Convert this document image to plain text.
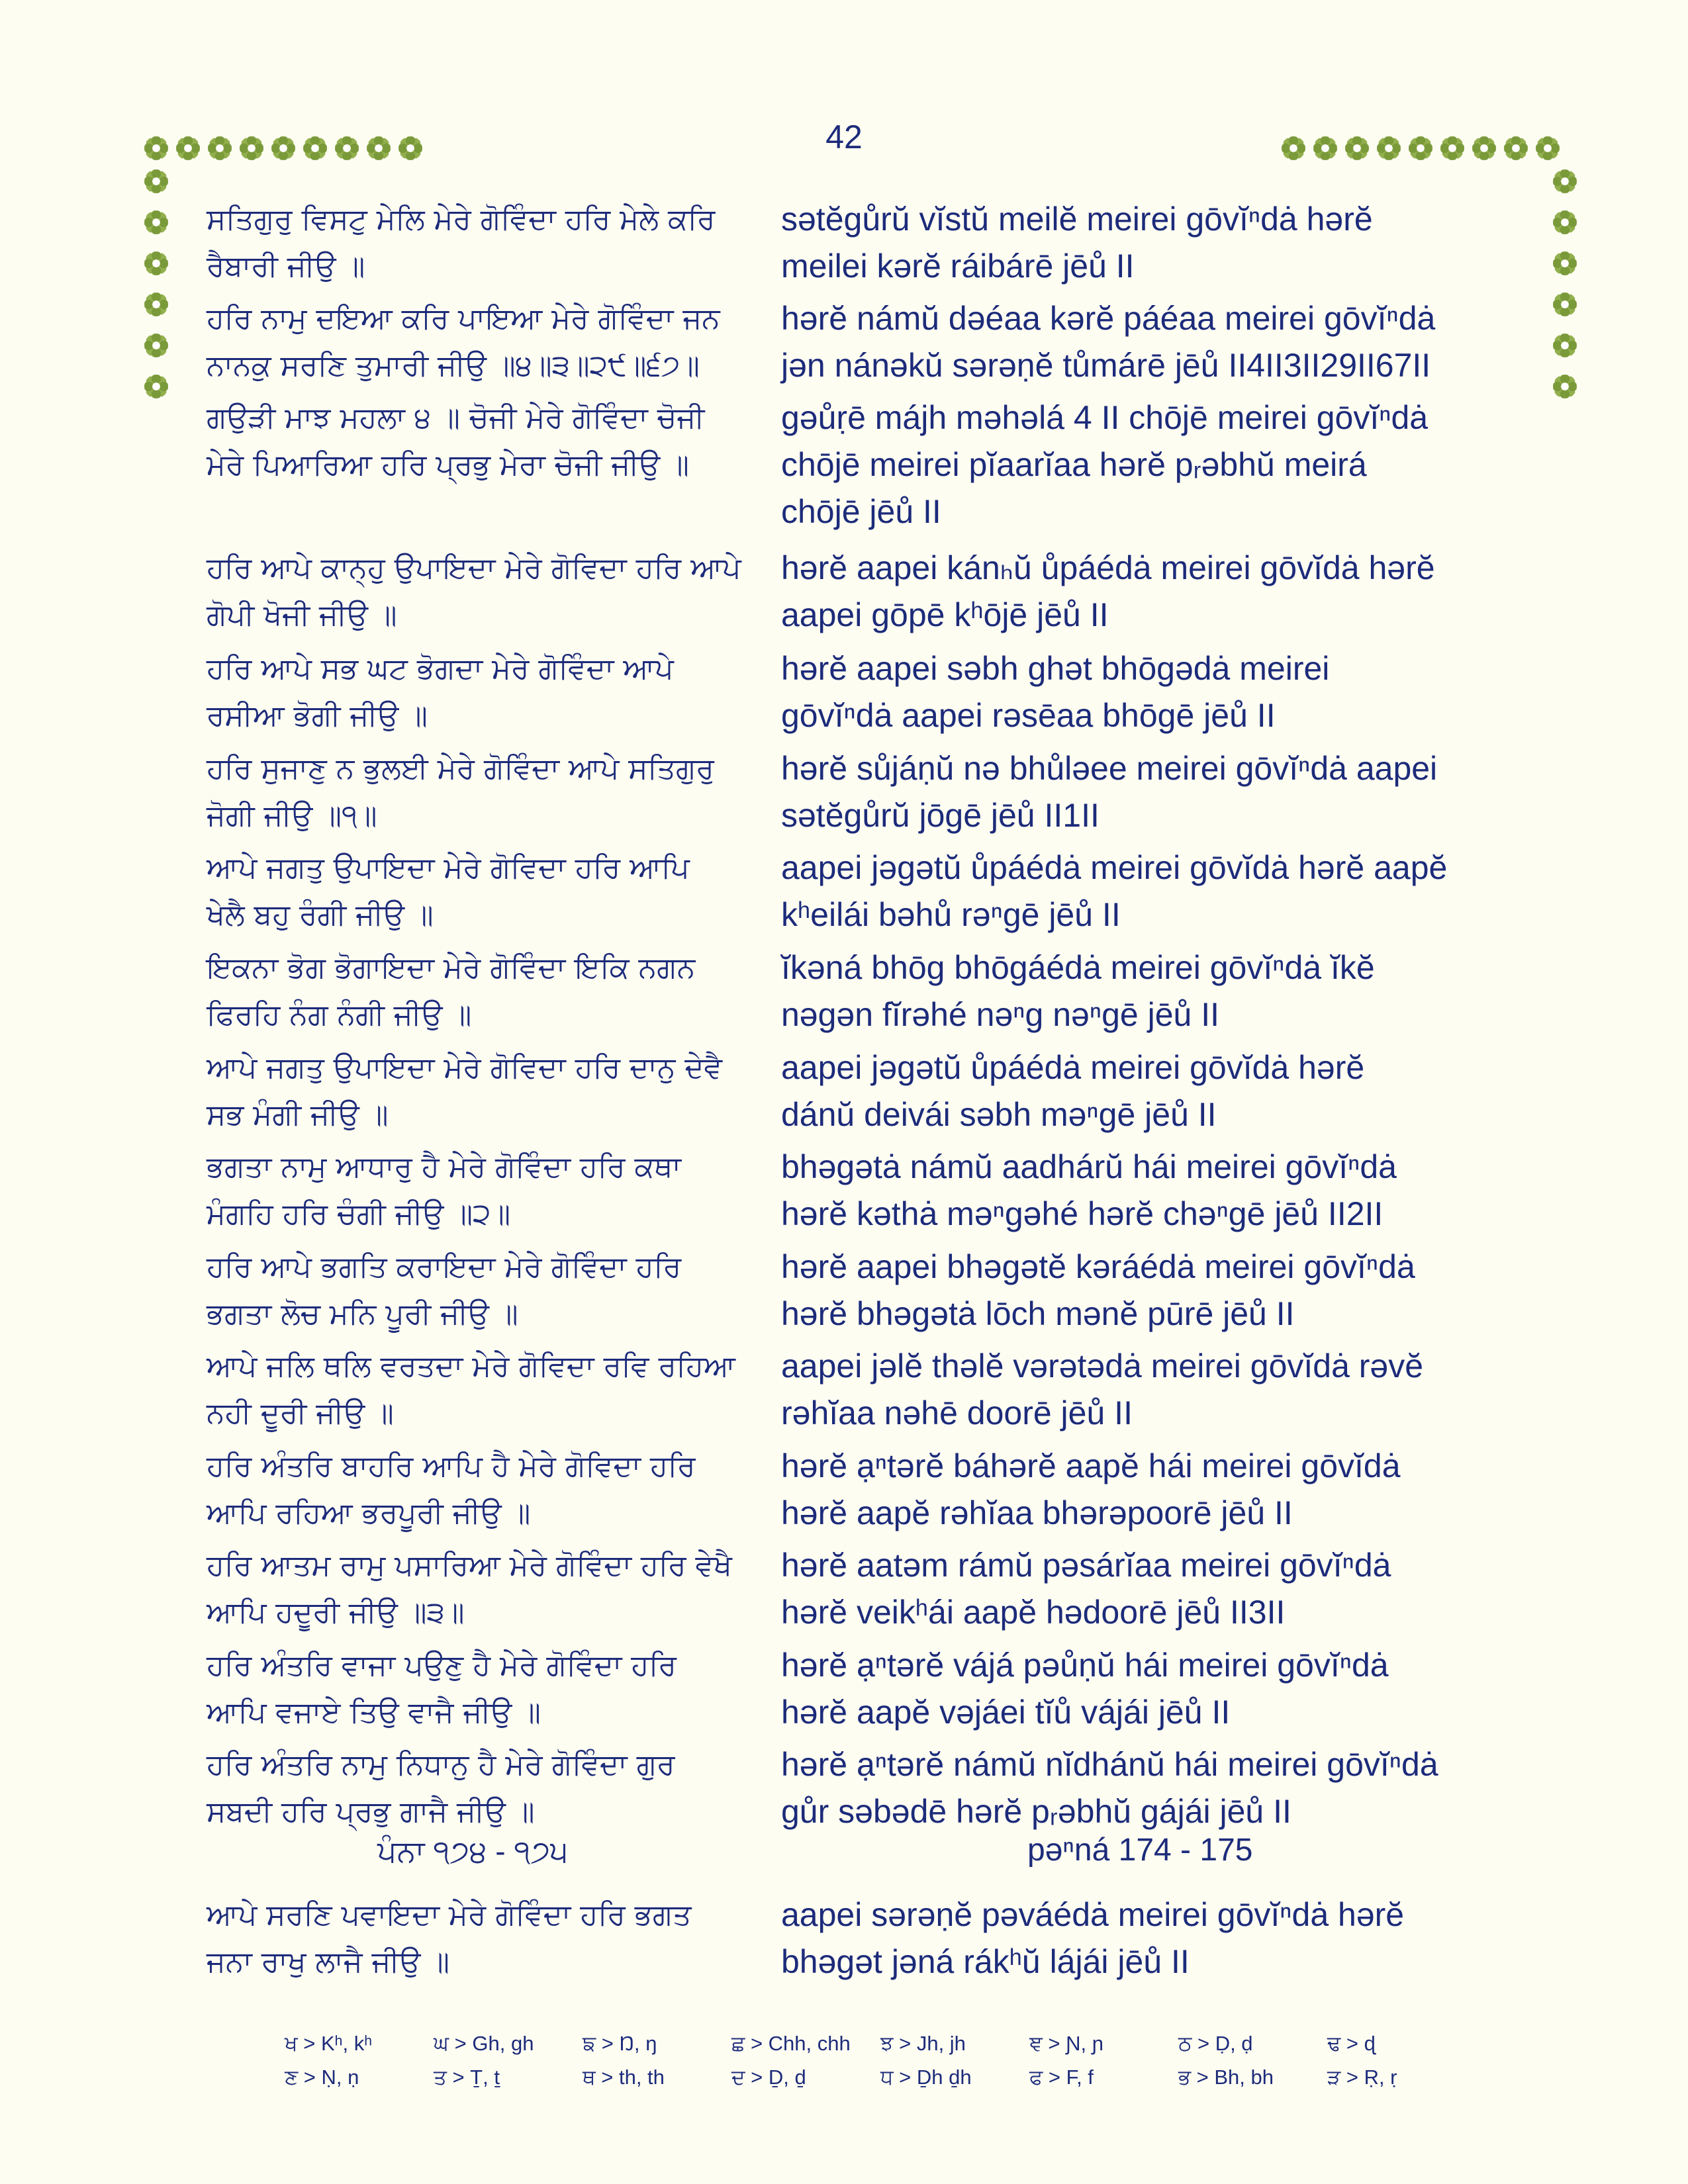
42
ਸਤਿਗੁਰੁ ਵਿਸਟੁ ਮੇਲਿ ਮੇਰੇ ਗੋਵਿੰਦਾ ਹਰਿ ਮੇਲੇ ਕਰਿ
ਰੈਬਾਰੀ ਜੀਉ ॥
sətĕgůrŭ vĭstŭ meilĕ meirei gōvĭⁿdȧ hərĕ
meilei kərĕ ráibárē jēů II
ਹਰਿ ਨਾਮੁ ਦਇਆ ਕਰਿ ਪਾਇਆ ਮੇਰੇ ਗੋਵਿੰਦਾ ਜਨ
ਨਾਨਕੁ ਸਰਣਿ ਤੁਮਾਰੀ ਜੀਉ ॥੪॥੩॥੨੯॥੬੭॥
hərĕ námŭ dəéaa kərĕ páéaa meirei gōvĭⁿdȧ
jən nánəkŭ sərəṇĕ tůmárē jēů II4II3II29II67II
ਗਉੜੀ ਮਾਝ ਮਹਲਾ ੪ ॥ ਚੋਜੀ ਮੇਰੇ ਗੋਵਿੰਦਾ ਚੋਜੀ
ਮੇਰੇ ਪਿਆਰਿਆ ਹਰਿ ਪ੍ਰਭੁ ਮੇਰਾ ਚੋਜੀ ਜੀਉ ॥
gəůṛē májh məhəlá 4 II chōjē meirei gōvĭⁿdȧ
chōjē meirei pĭaarĭaa hərĕ pᵣəbhŭ meirá
chōjē jēů II
ਹਰਿ ਆਪੇ ਕਾਨ੍ਹੁ ਉਪਾਇਦਾ ਮੇਰੇ ਗੋਵਿਦਾ ਹਰਿ ਆਪੇ
ਗੋਪੀ ਖੋਜੀ ਜੀਉ ॥
hərĕ aapei kánₕŭ ůpáédȧ meirei gōvĭdȧ hərĕ
aapei gōpē kʰōjē jēů II
ਹਰਿ ਆਪੇ ਸਭ ਘਟ ਭੋਗਦਾ ਮੇਰੇ ਗੋਵਿੰਦਾ ਆਪੇ
ਰਸੀਆ ਭੋਗੀ ਜੀਉ ॥
hərĕ aapei səbh ghət bhōgədȧ meirei
gōvĭⁿdȧ aapei rəsēaa bhōgē jēů II
ਹਰਿ ਸੁਜਾਣੁ ਨ ਭੁਲਈ ਮੇਰੇ ਗੋਵਿੰਦਾ ਆਪੇ ਸਤਿਗੁਰੁ
ਜੋਗੀ ਜੀਉ ॥੧॥
hərĕ sůjáṇŭ nə bhůləee meirei gōvĭⁿdȧ aapei
sətĕgůrŭ jōgē jēů II1II
ਆਪੇ ਜਗਤੁ ਉਪਾਇਦਾ ਮੇਰੇ ਗੋਵਿਦਾ ਹਰਿ ਆਪਿ
ਖੇਲੈ ਬਹੁ ਰੰਗੀ ਜੀਉ ॥
aapei jəgətŭ ůpáédȧ meirei gōvĭdȧ hərĕ aapĕ
kʰeilái bəhů rəⁿgē jēů II
ਇਕਨਾ ਭੋਗ ਭੋਗਾਇਦਾ ਮੇਰੇ ਗੋਵਿੰਦਾ ਇਕਿ ਨਗਨ
ਫਿਰਹਿ ਨੰਗ ਨੰਗੀ ਜੀਉ ॥
ĭkəná bhōg bhōgáédȧ meirei gōvĭⁿdȧ ĭkĕ
nəgən fĭrəhé nəⁿg nəⁿgē jēů II
ਆਪੇ ਜਗਤੁ ਉਪਾਇਦਾ ਮੇਰੇ ਗੋਵਿਦਾ ਹਰਿ ਦਾਨੁ ਦੇਵੈ
ਸਭ ਮੰਗੀ ਜੀਉ ॥
aapei jəgətŭ ůpáédȧ meirei gōvĭdȧ hərĕ
dánŭ deivái səbh məⁿgē jēů II
ਭਗਤਾ ਨਾਮੁ ਆਧਾਰੁ ਹੈ ਮੇਰੇ ਗੋਵਿੰਦਾ ਹਰਿ ਕਥਾ
ਮੰਗਹਿ ਹਰਿ ਚੰਗੀ ਜੀਉ ॥੨॥
bhəgətȧ námŭ aadhárŭ hái meirei gōvĭⁿdȧ
hərĕ kəthȧ məⁿgəhé hərĕ chəⁿgē jēů II2II
ਹਰਿ ਆਪੇ ਭਗਤਿ ਕਰਾਇਦਾ ਮੇਰੇ ਗੋਵਿੰਦਾ ਹਰਿ
ਭਗਤਾ ਲੋਚ ਮਨਿ ਪੂਰੀ ਜੀਉ ॥
hərĕ aapei bhəgətĕ kəráédȧ meirei gōvĭⁿdȧ
hərĕ bhəgətȧ lōch mənĕ pūrē jēů II
ਆਪੇ ਜਲਿ ਥਲਿ ਵਰਤਦਾ ਮੇਰੇ ਗੋਵਿਦਾ ਰਵਿ ਰਹਿਆ
ਨਹੀ ਦੂਰੀ ਜੀਉ ॥
aapei jəlĕ thəlĕ vərətədȧ meirei gōvĭdȧ rəvĕ
rəhĭaa nəhē doorē jēů II
ਹਰਿ ਅੰਤਰਿ ਬਾਹਰਿ ਆਪਿ ਹੈ ਮੇਰੇ ਗੋਵਿਦਾ ਹਰਿ
ਆਪਿ ਰਹਿਆ ਭਰਪੂਰੀ ਜੀਉ ॥
hərĕ ạⁿtərĕ báhərĕ aapĕ hái meirei gōvĭdȧ
hərĕ aapĕ rəhĭaa bhərəpoorē jēů II
ਹਰਿ ਆਤਮ ਰਾਮੁ ਪਸਾਰਿਆ ਮੇਰੇ ਗੋਵਿੰਦਾ ਹਰਿ ਵੇਖੈ
ਆਪਿ ਹਦੂਰੀ ਜੀਉ ॥੩॥
hərĕ aatəm rámŭ pəsárĭaa meirei gōvĭⁿdȧ
hərĕ veikʰái aapĕ hədoorē jēů II3II
ਹਰਿ ਅੰਤਰਿ ਵਾਜਾ ਪਉਣੁ ਹੈ ਮੇਰੇ ਗੋਵਿੰਦਾ ਹਰਿ
ਆਪਿ ਵਜਾਏ ਤਿਉ ਵਾਜੈ ਜੀਉ ॥
hərĕ ạⁿtərĕ vájá pəůṇŭ hái meirei gōvĭⁿdȧ
hərĕ aapĕ vəjáei tĭů vájái jēů II
ਹਰਿ ਅੰਤਰਿ ਨਾਮੁ ਨਿਧਾਨੁ ਹੈ ਮੇਰੇ ਗੋਵਿੰਦਾ ਗੁਰ
ਸਬਦੀ ਹਰਿ ਪ੍ਰਭੁ ਗਾਜੈ ਜੀਉ ॥
hərĕ ạⁿtərĕ námŭ nĭdhánŭ hái meirei gōvĭⁿdȧ
gůr səbədē hərĕ pᵣəbhŭ gájái jēů II
ਪੰਨਾ ੧੭੪ - ੧੭੫	pəⁿná 174 - 175
ਆਪੇ ਸਰਣਿ ਪਵਾਇਦਾ ਮੇਰੇ ਗੋਵਿੰਦਾ ਹਰਿ ਭਗਤ
ਜਨਾ ਰਾਖੁ ਲਾਜੈ ਜੀਉ ॥
aapei sərəṇĕ pəváédȧ meirei gōvĭⁿdȧ hərĕ
bhəgət jəná rákʰŭ lájái jēů II
ਖ > Kʰ, kʰ	ਘ > Gh, gh	ਙ > Ŋ, ŋ	ਛ > Chh, chh	ਝ > Jh, jh	ਞ > Ɲ, ɲ	ਠ > Ḍ, ḍ	ਢ > ɖ
ਣ > Ṇ, ṇ	ਤ > Ṯ, ṯ	ਥ > th, th	ਦ > Ḏ, ḏ	ਧ > Ḏh ḏh	ਫ > F, f	ਭ > Bh, bh	ੜ > Ṛ, ṛ
